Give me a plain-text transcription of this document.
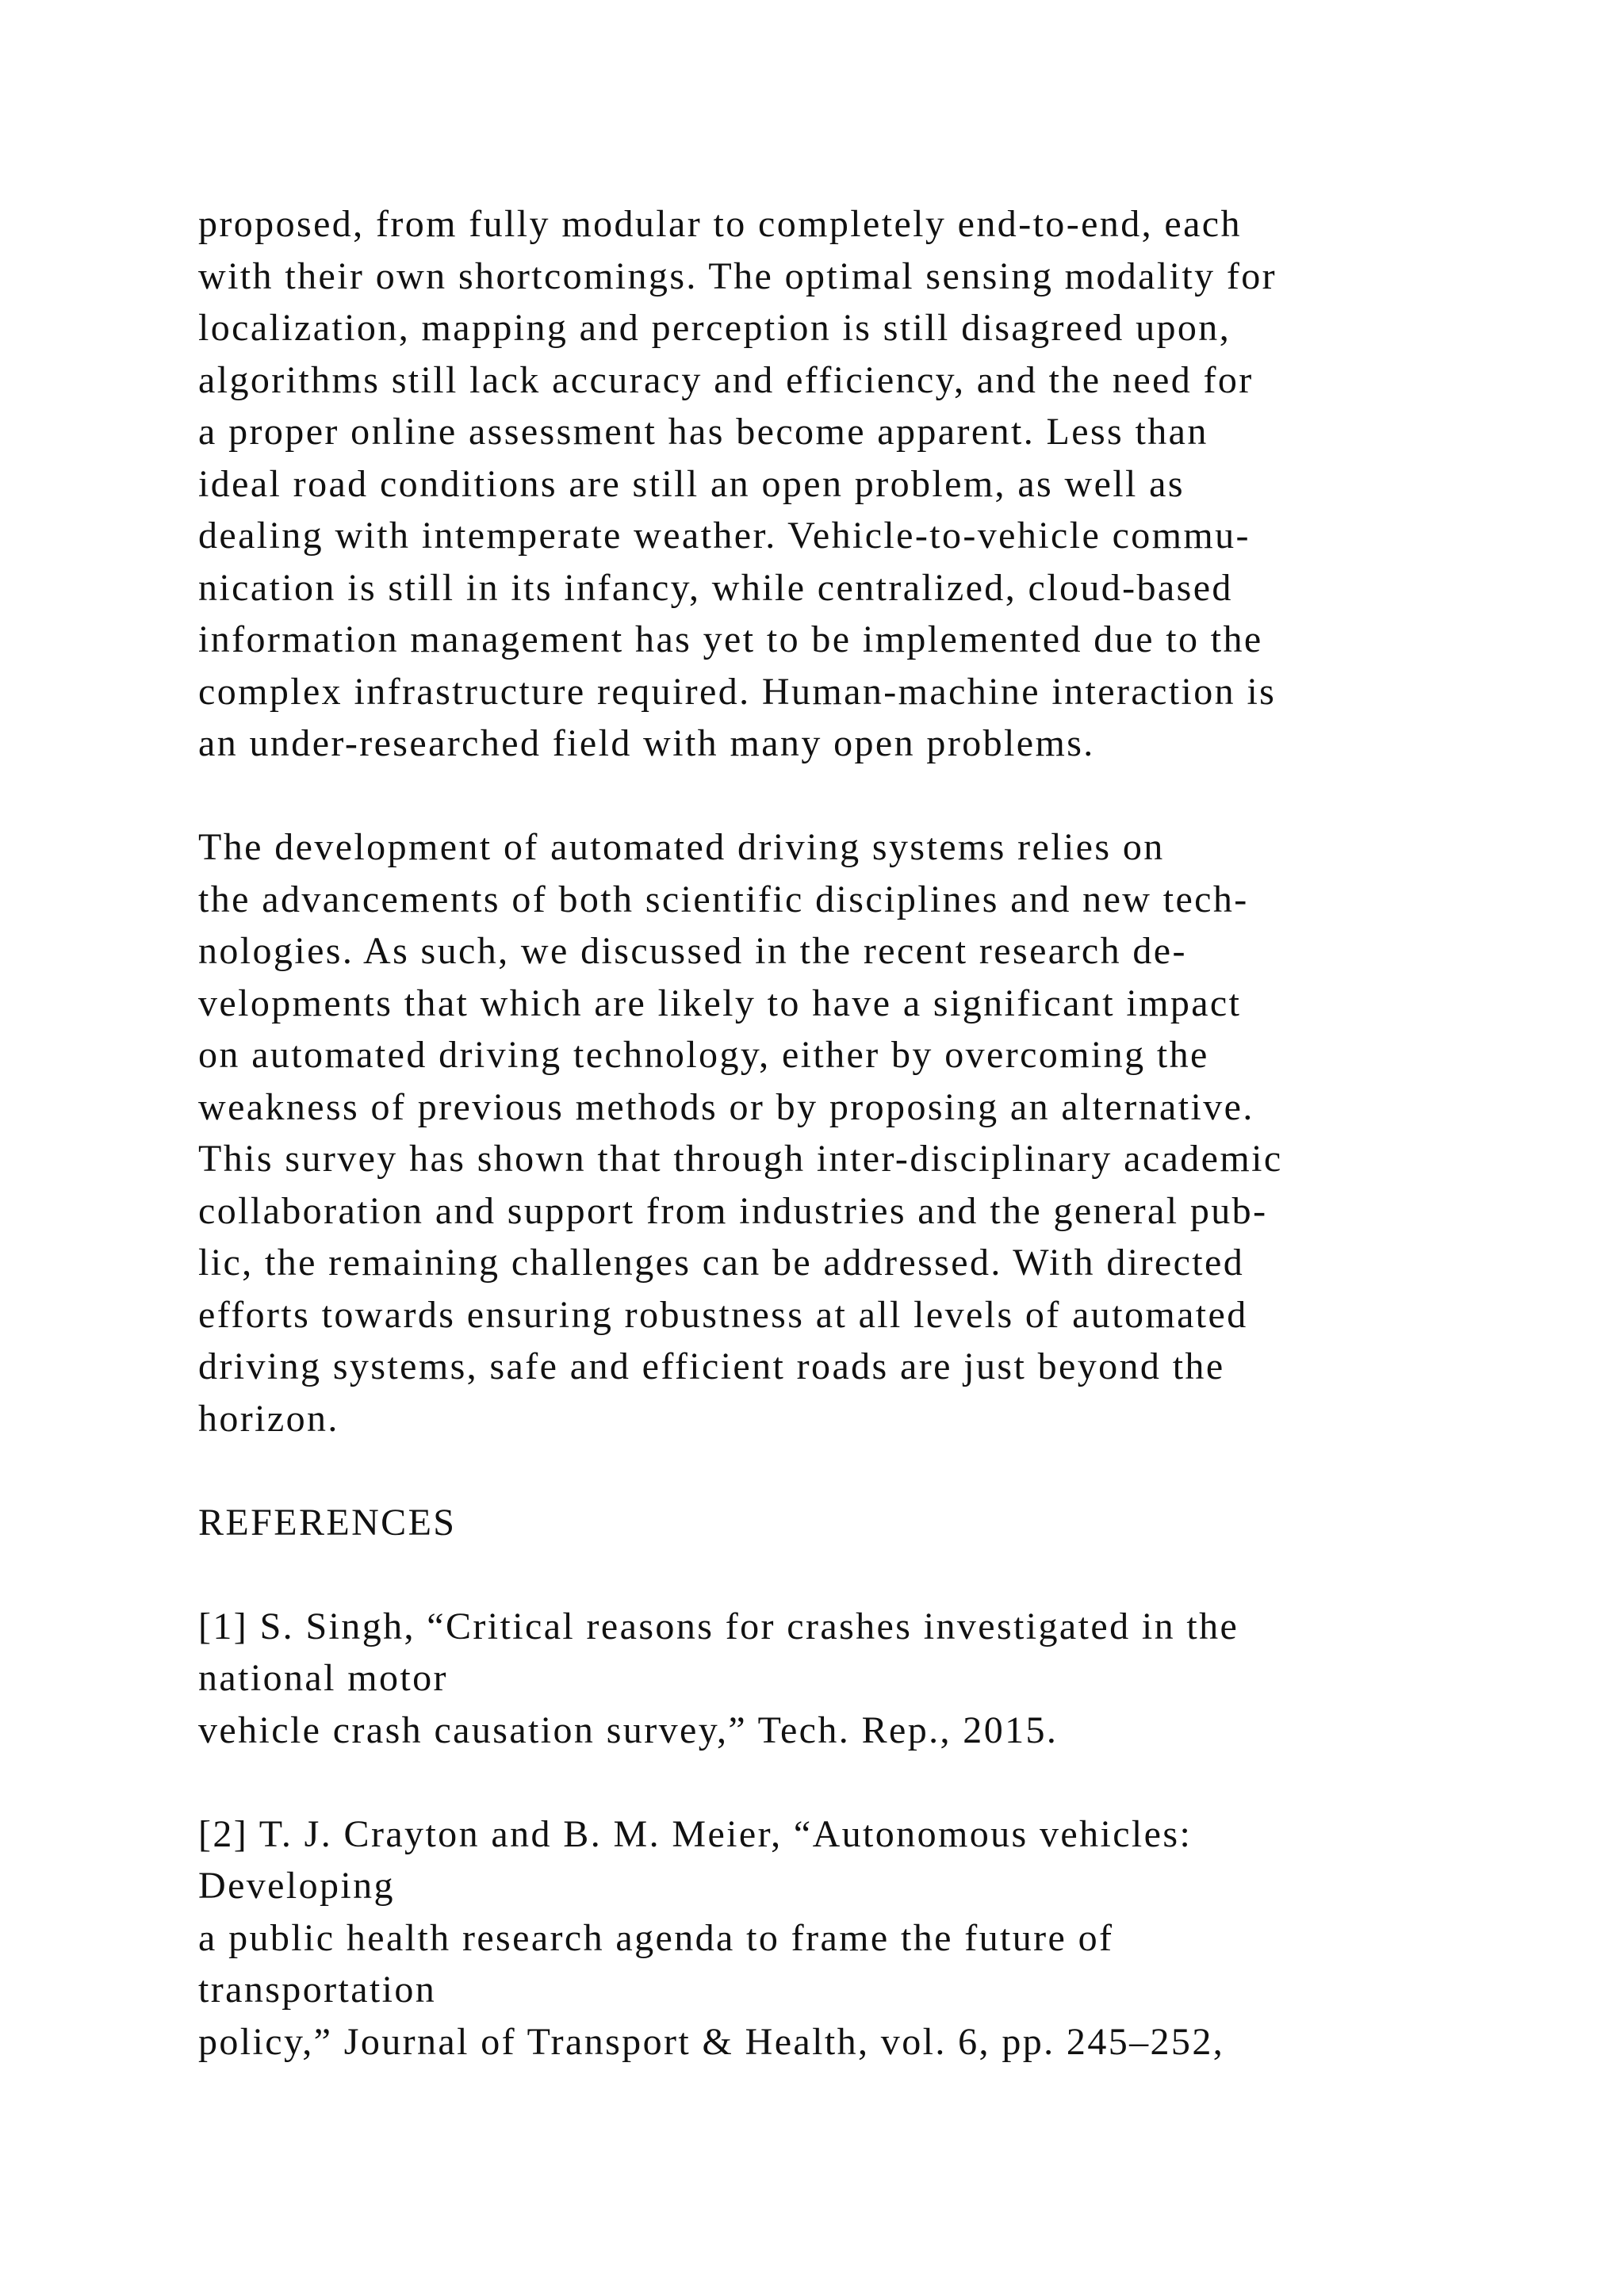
proposed, from fully modular to completely end-to-end, each
with their own shortcomings. The optimal sensing modality for
localization, mapping and perception is still disagreed upon,
algorithms still lack accuracy and efficiency, and the need for
a proper online assessment has become apparent. Less than
ideal road conditions are still an open problem, as well as
dealing with intemperate weather. Vehicle-to-vehicle commu-
nication is still in its infancy, while centralized, cloud-based
information management has yet to be implemented due to the
complex infrastructure required. Human-machine interaction is
an under-researched field with many open problems.
The development of automated driving systems relies on
the advancements of both scientific disciplines and new tech-
nologies. As such, we discussed in the recent research de-
velopments that which are likely to have a significant impact
on automated driving technology, either by overcoming the
weakness of previous methods or by proposing an alternative.
This survey has shown that through inter-disciplinary academic
collaboration and support from industries and the general pub-
lic, the remaining challenges can be addressed. With directed
efforts towards ensuring robustness at all levels of automated
driving systems, safe and efficient roads are just beyond the
horizon.
REFERENCES
[1] S. Singh, “Critical reasons for crashes investigated in the
national motor
vehicle crash causation survey,” Tech. Rep., 2015.
[2] T. J. Crayton and B. M. Meier, “Autonomous vehicles:
Developing
a public health research agenda to frame the future of
transportation
policy,” Journal of Transport & Health, vol. 6, pp. 245–252,
